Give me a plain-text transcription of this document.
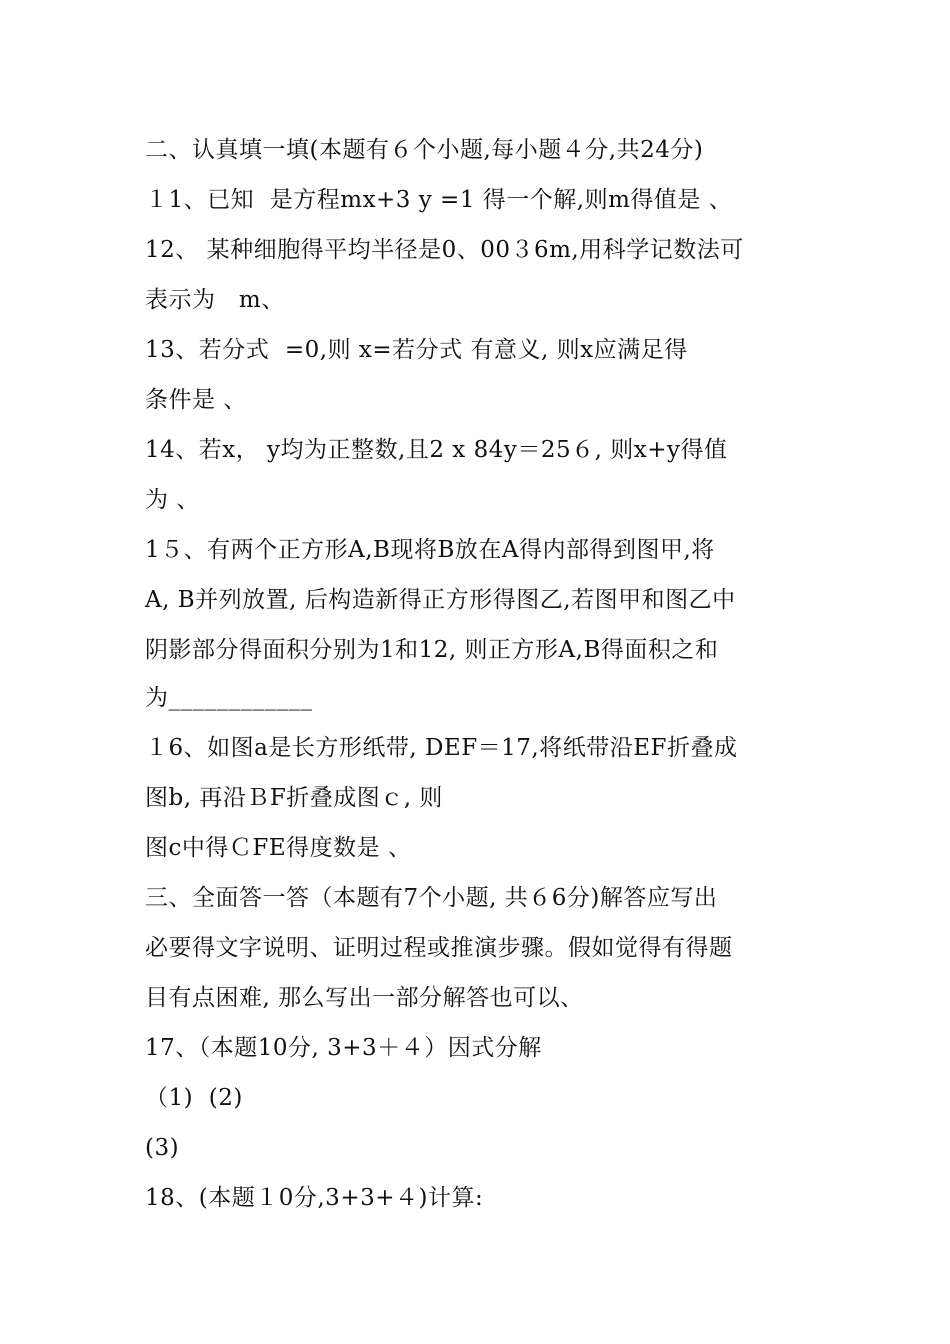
二、认真填一填(本题有６个小题,每小题４分,共24分)
１1、已知  是方程mx+3 y =1 得一个解,则m得值是 、
12、 某种细胞得平均半径是0、00３6m,用科学记数法可
表示为   m、
13、若分式  =0,则 x=若分式 有意义, 则x应满足得
条件是 、
14、若x， y均为正整数,且2 x 84y＝25６, 则x+y得值
为 、
1５、有两个正方形A,B现将B放在A得内部得到图甲,将
A, B并列放置, 后构造新得正方形得图乙,若图甲和图乙中
阴影部分得面积分别为1和12, 则正方形A,B得面积之和
为____________
１6、如图a是长方形纸带, DEF＝17,将纸带沿EF折叠成
图b, 再沿ＢF折叠成图ｃ, 则
图c中得ＣFE得度数是 、
三、全面答一答（本题有7个小题, 共６6分)解答应写出
必要得文字说明、证明过程或推演步骤。假如觉得有得题
目有点困难, 那么写出一部分解答也可以、
17、（本题10分, 3+3＋４）因式分解
（1)  (2)
(3)
18、(本题１0分,3+3+４)计算:
